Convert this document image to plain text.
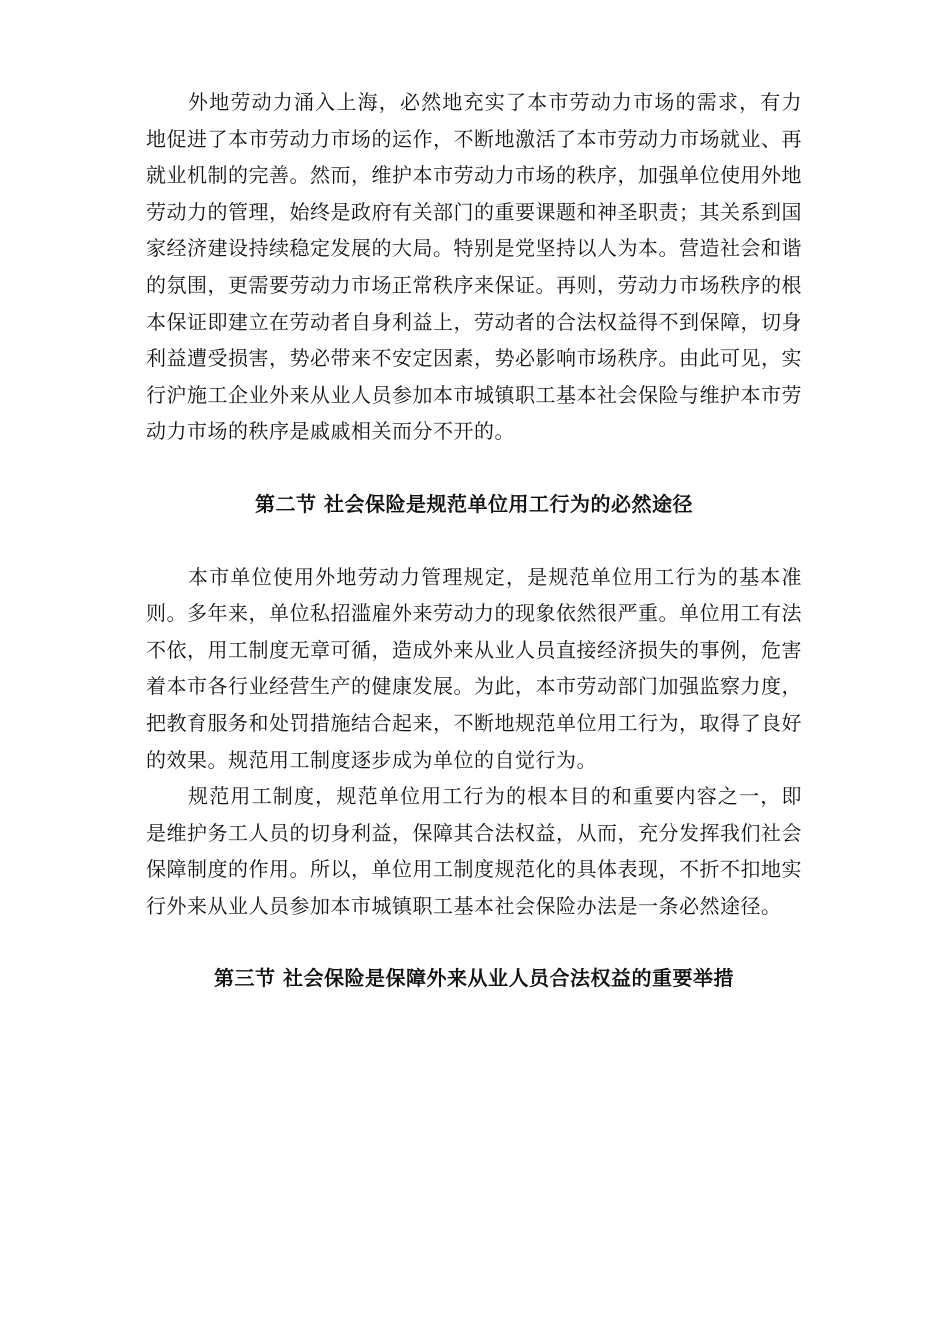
外地劳动力涌入上海，必然地充实了本市劳动力市场的需求，有力地促进了本市劳动力市场的运作，不断地激活了本市劳动力市场就业、再就业机制的完善。然而，维护本市劳动力市场的秩序，加强单位使用外地劳动力的管理，始终是政府有关部门的重要课题和神圣职责；其关系到国家经济建设持续稳定发展的大局。特别是党坚持以人为本。营造社会和谐的氛围，更需要劳动力市场正常秩序来保证。再则，劳动力市场秩序的根本保证即建立在劳动者自身利益上，劳动者的合法权益得不到保障，切身利益遭受损害，势必带来不安定因素，势必影响市场秩序。由此可见，实行沪施工企业外来从业人员参加本市城镇职工基本社会保险与维护本市劳动力市场的秩序是戚戚相关而分不开的。

第二节 社会保险是规范单位用工行为的必然途径

本市单位使用外地劳动力管理规定，是规范单位用工行为的基本准则。多年来，单位私招滥雇外来劳动力的现象依然很严重。单位用工有法不依，用工制度无章可循，造成外来从业人员直接经济损失的事例，危害着本市各行业经营生产的健康发展。为此，本市劳动部门加强监察力度，把教育服务和处罚措施结合起来，不断地规范单位用工行为，取得了良好的效果。规范用工制度逐步成为单位的自觉行为。

规范用工制度，规范单位用工行为的根本目的和重要内容之一，即是维护务工人员的切身利益，保障其合法权益，从而，充分发挥我们社会保障制度的作用。所以，单位用工制度规范化的具体表现，不折不扣地实行外来从业人员参加本市城镇职工基本社会保险办法是一条必然途径。

第三节 社会保险是保障外来从业人员合法权益的重要举措
